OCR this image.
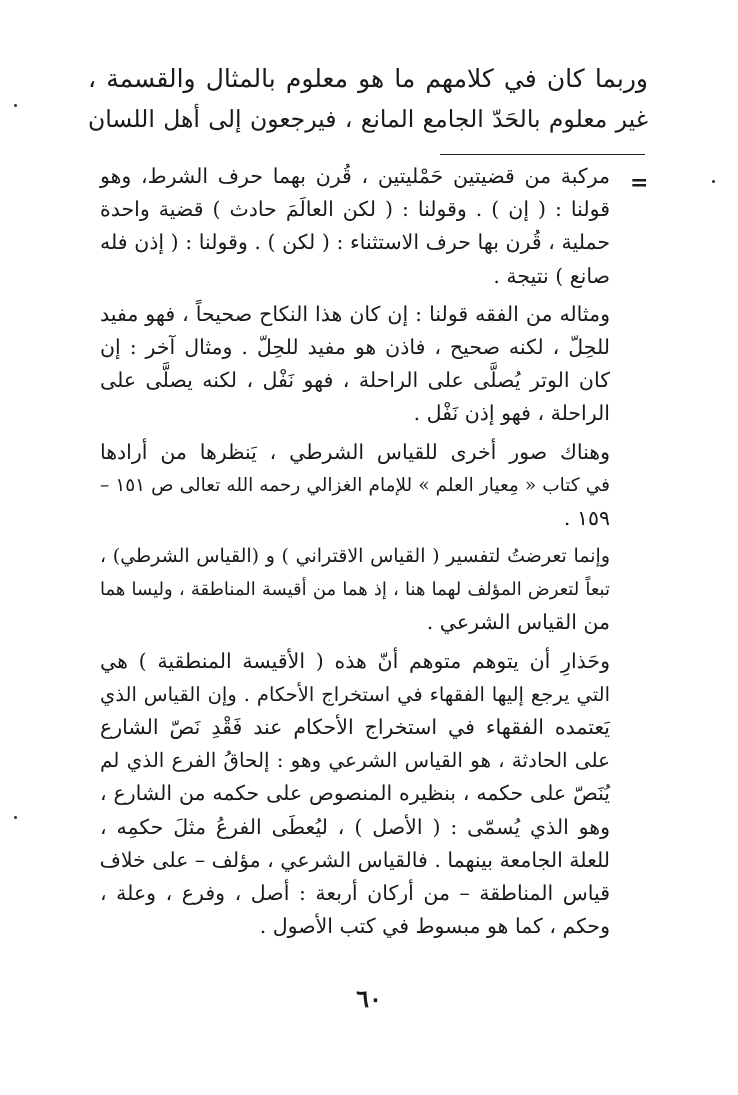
وربما كان في كلامهم ما هو معلوم بالمثال والقسمة ،
غير معلوم بالحَدّ الجامع المانع ، فيرجعون إلى أهل اللسان
=
مركبة من قضيتين حَمْليتين ، قُرن بهما حرف الشرط، وهو
قولنا : ( إن ) . وقولنا : ( لكن العالَمَ حادث ) قضية واحدة
حملية ، قُرن بها حرف الاستثناء : ( لكن ) . وقولنا : ( إذن فله
صانع ) نتيجة .
ومثاله من الفقه قولنا : إن كان هذا النكاح صحيحاً ، فهو مفيد
للحِلّ ، لكنه صحيح ، فاذن هو مفيد للحِلّ . ومثال آخر : إن
كان الوتر يُصلَّى على الراحلة ، فهو نَفْل ، لكنه يصلَّى على
الراحلة ، فهو إذن نَفْل .
وهناك صور أخرى للقياس الشرطي ، يَنظرها من أرادها
في كتاب « مِعيار العلم » للإمام الغزالي رحمه الله تعالى ص ١٥١ –
١٥٩ .
وإنما تعرضتُ لتفسير ( القياس الاقتراني ) و (القياس الشرطي) ،
تبعاً لتعرض المؤلف لهما هنا ، إذ هما من أقيسة المناطقة ، وليسا هما
من القياس الشرعي .
وحَذارِ أن يتوهم متوهم أنّ هذه ( الأقيسة المنطقية ) هي
التي يرجع إليها الفقهاء في استخراج الأحكام . وإن القياس الذي
يَعتمده الفقهاء في استخراج الأحكام عند فَقْدِ نَصّ الشارع
على الحادثة ، هو القياس الشرعي وهو : إلحاقُ الفرع الذي لم
يُنَصّ على حكمه ، بنظيره المنصوص على حكمه من الشارع ،
وهو الذي يُسمّى : ( الأصل ) ، ليُعطَى الفرعُ مثلَ حكمِه ،
للعلة الجامعة بينهما . فالقياس الشرعي ، مؤلف – على خلاف
قياس المناطقة – من أركان أربعة : أصل ، وفرع ، وعلة ،
وحكم ، كما هو مبسوط في كتب الأصول .
٦٠
